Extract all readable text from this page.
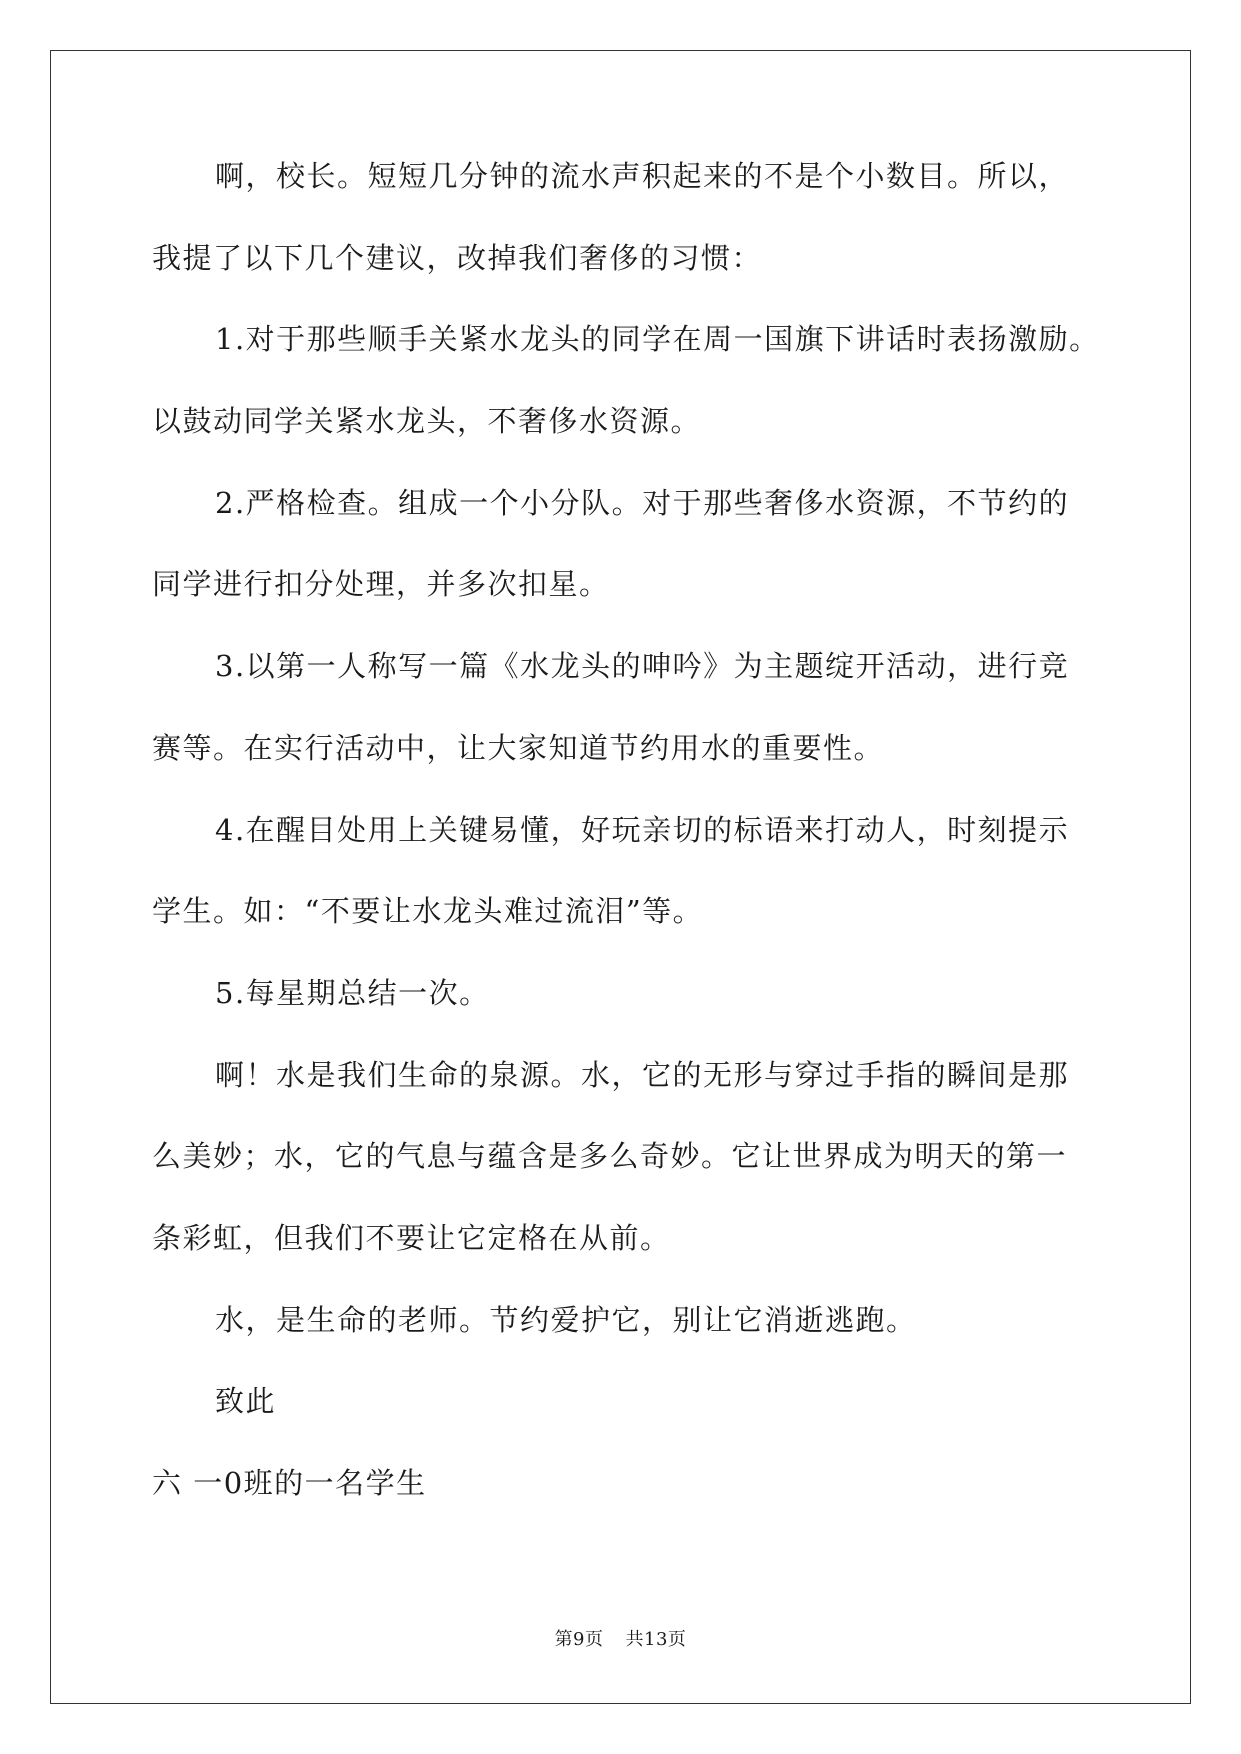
啊，校长。短短几分钟的流水声积起来的不是个小数目。所以，
我提了以下几个建议，改掉我们奢侈的习惯：
1.对于那些顺手关紧水龙头的同学在周一国旗下讲话时表扬激励。
以鼓动同学关紧水龙头，不奢侈水资源。
2.严格检查。组成一个小分队。对于那些奢侈水资源，不节约的
同学进行扣分处理，并多次扣星。
3.以第一人称写一篇《水龙头的呻吟》为主题绽开活动，进行竞
赛等。在实行活动中，让大家知道节约用水的重要性。
4.在醒目处用上关键易懂，好玩亲切的标语来打动人，时刻提示
学生。如：“不要让水龙头难过流泪”等。
5.每星期总结一次。
啊！水是我们生命的泉源。水，它的无形与穿过手指的瞬间是那
么美妙；水，它的气息与蕴含是多么奇妙。它让世界成为明天的第一
条彩虹，但我们不要让它定格在从前。
水，是生命的老师。节约爱护它，别让它消逝逃跑。
致此
六 一0班的一名学生
第9页 共13页
